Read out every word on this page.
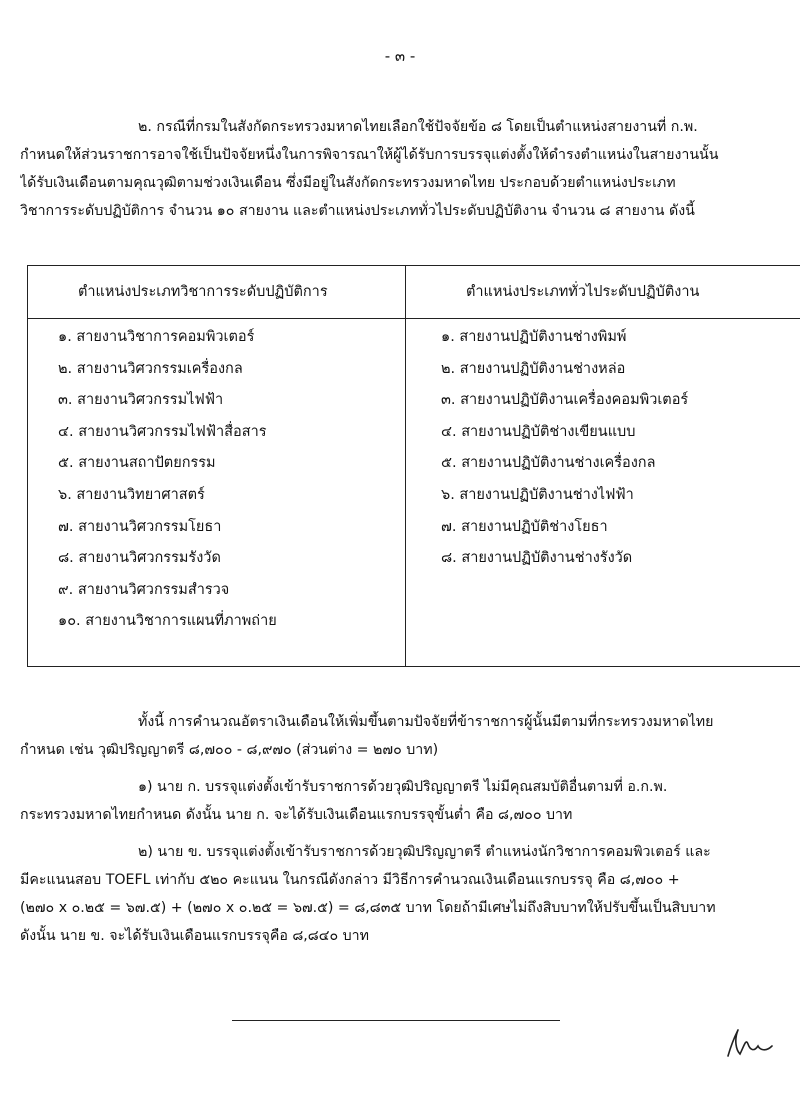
- ๓ -
๒. กรณีที่กรมในสังกัดกระทรวงมหาดไทยเลือกใช้ปัจจัยข้อ ๘ โดยเป็นตำแหน่งสายงานที่ ก.พ.
กำหนดให้ส่วนราชการอาจใช้เป็นปัจจัยหนึ่งในการพิจารณาให้ผู้ได้รับการบรรจุแต่งตั้งให้ดำรงตำแหน่งในสายงานนั้น
ได้รับเงินเดือนตามคุณวุฒิตามช่วงเงินเดือน ซึ่งมีอยู่ในสังกัดกระทรวงมหาดไทย ประกอบด้วยตำแหน่งประเภท
วิชาการระดับปฏิบัติการ จำนวน ๑๐ สายงาน และตำแหน่งประเภททั่วไประดับปฏิบัติงาน จำนวน ๘ สายงาน ดังนี้
ตำแหน่งประเภทวิชาการระดับปฏิบัติการ	ตำแหน่งประเภททั่วไประดับปฏิบัติงาน
๑. สายงานวิชาการคอมพิวเตอร์
๒. สายงานวิศวกรรมเครื่องกล
๓. สายงานวิศวกรรมไฟฟ้า
๔. สายงานวิศวกรรมไฟฟ้าสื่อสาร
๕. สายงานสถาปัตยกรรม
๖. สายงานวิทยาศาสตร์
๗. สายงานวิศวกรรมโยธา
๘. สายงานวิศวกรรมรังวัด
๙. สายงานวิศวกรรมสำรวจ
๑๐. สายงานวิชาการแผนที่ภาพถ่าย
๑. สายงานปฏิบัติงานช่างพิมพ์
๒. สายงานปฏิบัติงานช่างหล่อ
๓. สายงานปฏิบัติงานเครื่องคอมพิวเตอร์
๔. สายงานปฏิบัติช่างเขียนแบบ
๕. สายงานปฏิบัติงานช่างเครื่องกล
๖. สายงานปฏิบัติงานช่างไฟฟ้า
๗. สายงานปฏิบัติช่างโยธา
๘. สายงานปฏิบัติงานช่างรังวัด
ทั้งนี้ การคำนวณอัตราเงินเดือนให้เพิ่มขึ้นตามปัจจัยที่ข้าราชการผู้นั้นมีตามที่กระทรวงมหาดไทย
กำหนด เช่น วุฒิปริญญาตรี ๘,๗๐๐ - ๘,๙๗๐ (ส่วนต่าง = ๒๗๐ บาท)
๑) นาย ก. บรรจุแต่งตั้งเข้ารับราชการด้วยวุฒิปริญญาตรี ไม่มีคุณสมบัติอื่นตามที่ อ.ก.พ.
กระทรวงมหาดไทยกำหนด ดังนั้น นาย ก. จะได้รับเงินเดือนแรกบรรจุขั้นต่ำ คือ ๘,๗๐๐ บาท
๒) นาย ข. บรรจุแต่งตั้งเข้ารับราชการด้วยวุฒิปริญญาตรี ตำแหน่งนักวิชาการคอมพิวเตอร์ และ
มีคะแนนสอบ TOEFL เท่ากับ ๕๒๐ คะแนน ในกรณีดังกล่าว มีวิธีการคำนวณเงินเดือนแรกบรรจุ คือ ๘,๗๐๐ +
(๒๗๐ x ๐.๒๕ = ๖๗.๕) + (๒๗๐ x ๐.๒๕ = ๖๗.๕) = ๘,๘๓๕ บาท โดยถ้ามีเศษไม่ถึงสิบบาทให้ปรับขึ้นเป็นสิบบาท
ดังนั้น นาย ข. จะได้รับเงินเดือนแรกบรรจุคือ ๘,๘๔๐ บาท
